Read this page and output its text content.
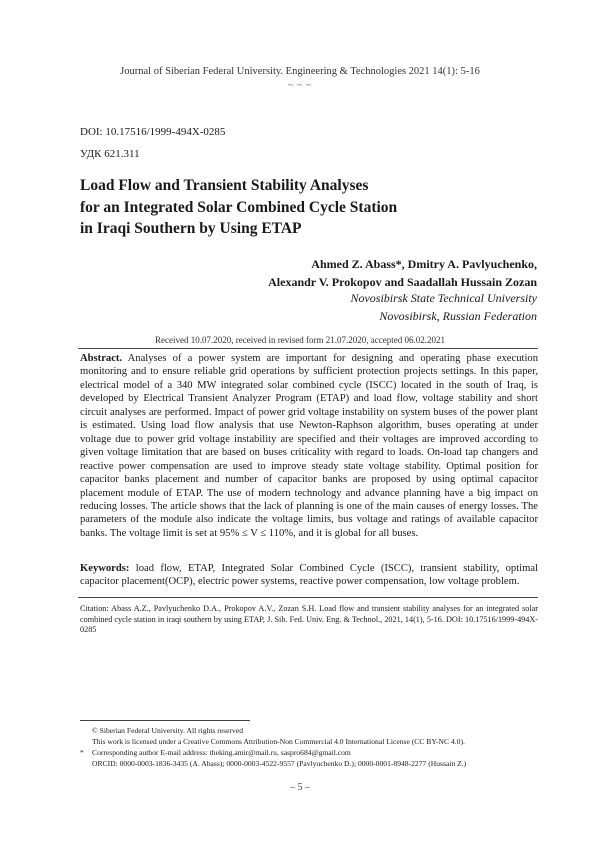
Journal of Siberian Federal University. Engineering & Technologies 2021 14(1): 5-16
~ ~ ~
DOI: 10.17516/1999-494X-0285
УДК 621.311
Load Flow and Transient Stability Analyses
for an Integrated Solar Combined Cycle Station
in Iraqi Southern by Using ETAP
Ahmed Z. Abass*, Dmitry A. Pavlyuchenko,
Alexandr V. Prokopov and Saadallah Hussain Zozan
Novosibirsk State Technical University
Novosibirsk, Russian Federation
Received 10.07.2020, received in revised form 21.07.2020, accepted 06.02.2021
Abstract. Analyses of a power system are important for designing and operating phase execution monitoring and to ensure reliable grid operations by sufficient protection projects settings. In this paper, electrical model of a 340 MW integrated solar combined cycle (ISCC) located in the south of Iraq, is developed by Electrical Transient Analyzer Program (ETAP) and load flow, voltage stability and short circuit analyses are performed. Impact of power grid voltage instability on system buses of the power plant is estimated. Using load flow analysis that use Newton-Raphson algorithm, buses operating at under voltage due to power grid voltage instability are specified and their voltages are improved according to given voltage limitation that are based on buses criticality with regard to loads. On-load tap changers and reactive power compensation are used to improve steady state voltage stability. Optimal position for capacitor banks placement and number of capacitor banks are proposed by using optimal capacitor placement module of ETAP. The use of modern technology and advance planning have a big impact on reducing losses. The article shows that the lack of planning is one of the main causes of energy losses. The parameters of the module also indicate the voltage limits, bus voltage and ratings of available capacitor banks. The voltage limit is set at 95% ≤ V ≤ 110%, and it is global for all buses.
Keywords: load flow, ETAP, Integrated Solar Combined Cycle (ISCC), transient stability, optimal capacitor placement(OCP), electric power systems, reactive power compensation, low voltage problem.
Citation: Abass A.Z., Pavlyuchenko D.A., Prokopov A.V., Zozan S.H. Load flow and transient stability analyses for an integrated solar combined cycle station in iraqi southern by using ETAP, J. Sib. Fed. Univ. Eng. & Technol., 2021, 14(1), 5-16. DOI: 10.17516/1999-494X-0285
© Siberian Federal University. All rights reserved
This work is licensed under a Creative Commons Attribution-Non Commercial 4.0 International License (CC BY-NC 4.0).
* Corresponding author E-mail address: theking.amir@mail.ru, saspro684@gmail.com
ORCID: 0000-0003-1836-3435 (A. Abass); 0000-0003-4522-9557 (Pavlyuchenko D.); 0000-0001-8948-2277 (Hussain Z.)
– 5 –
